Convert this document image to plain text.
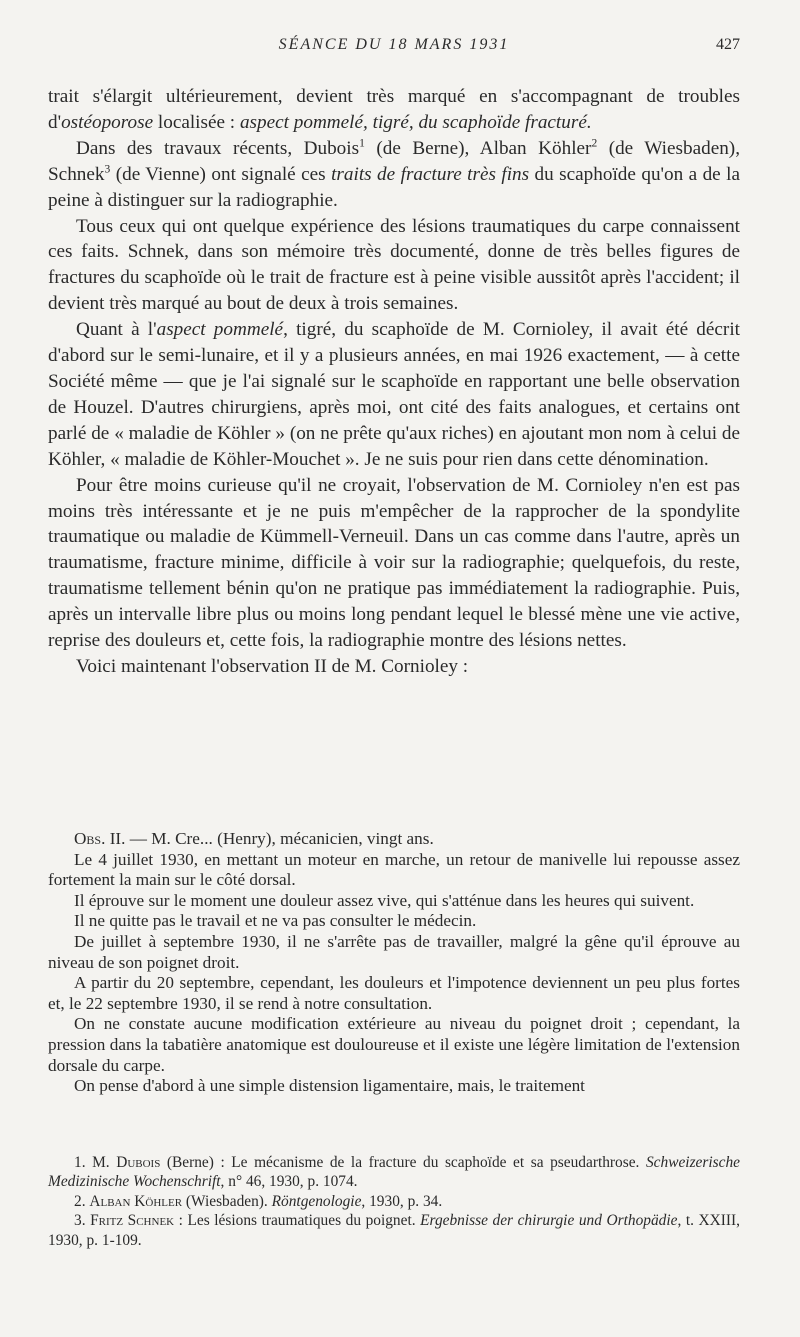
SÉANCE DU 18 MARS 1931	427

trait s'élargit ultérieurement, devient très marqué en s'accompagnant de troubles d'ostéoporose localisée : aspect pommelé, tigré, du scaphoïde fracturé.

Dans des travaux récents, Dubois$^1$ (de Berne), Alban Köhler$^2$ (de Wiesbaden), Schnek$^3$ (de Vienne) ont signalé ces traits de fracture très fins du scaphoïde qu'on a de la peine à distinguer sur la radiographie.

Tous ceux qui ont quelque expérience des lésions traumatiques du carpe connaissent ces faits. Schnek, dans son mémoire très documenté, donne de très belles figures de fractures du scaphoïde où le trait de fracture est à peine visible aussitôt après l'accident; il devient très marqué au bout de deux à trois semaines.

Quant à l'aspect pommelé, tigré, du scaphoïde de M. Cornioley, il avait été décrit d'abord sur le semi-lunaire, et il y a plusieurs années, en mai 1926 exactement, — à cette Société même — que je l'ai signalé sur le scaphoïde en rapportant une belle observation de Houzel. D'autres chirurgiens, après moi, ont cité des faits analogues, et certains ont parlé de « maladie de Köhler » (on ne prête qu'aux riches) en ajoutant mon nom à celui de Köhler, « maladie de Köhler-Mouchet ». Je ne suis pour rien dans cette dénomination.

Pour être moins curieuse qu'il ne croyait, l'observation de M. Cornioley n'en est pas moins très intéressante et je ne puis m'empêcher de la rapprocher de la spondylite traumatique ou maladie de Kümmell-Verneuil. Dans un cas comme dans l'autre, après un traumatisme, fracture minime, difficile à voir sur la radiographie; quelquefois, du reste, traumatisme tellement bénin qu'on ne pratique pas immédiatement la radiographie. Puis, après un intervalle libre plus ou moins long pendant lequel le blessé mène une vie active, reprise des douleurs et, cette fois, la radiographie montre des lésions nettes.

Voici maintenant l'observation II de M. Cornioley :

Obs. II. — M. Cre... (Henry), mécanicien, vingt ans.

Le 4 juillet 1930, en mettant un moteur en marche, un retour de manivelle lui repousse assez fortement la main sur le côté dorsal.

Il éprouve sur le moment une douleur assez vive, qui s'atténue dans les heures qui suivent.

Il ne quitte pas le travail et ne va pas consulter le médecin.

De juillet à septembre 1930, il ne s'arrête pas de travailler, malgré la gêne qu'il éprouve au niveau de son poignet droit.

A partir du 20 septembre, cependant, les douleurs et l'impotence deviennent un peu plus fortes et, le 22 septembre 1930, il se rend à notre consultation.

On ne constate aucune modification extérieure au niveau du poignet droit ; cependant, la pression dans la tabatière anatomique est douloureuse et il existe une légère limitation de l'extension dorsale du carpe.

On pense d'abord à une simple distension ligamentaire, mais, le traitement

1. M. Dubois (Berne) : Le mécanisme de la fracture du scaphoïde et sa pseudarthrose. Schweizerische Medizinische Wochenschrift, n° 46, 1930, p. 1074.

2. Alban Köhler (Wiesbaden). Röntgenologie, 1930, p. 34.

3. Fritz Schnek : Les lésions traumatiques du poignet. Ergebnisse der chirurgie und Orthopädie, t. XXIII, 1930, p. 1-109.
